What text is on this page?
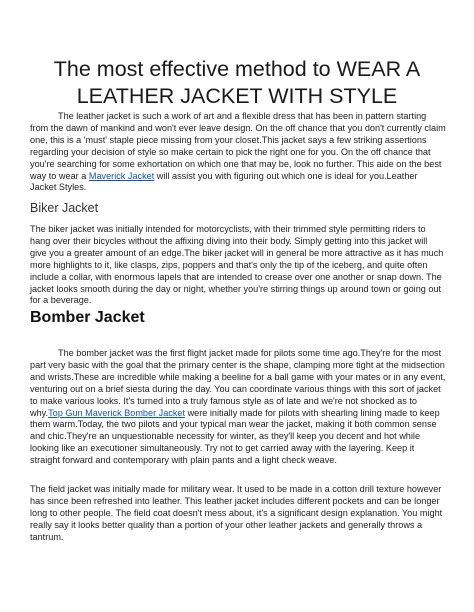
The most effective method to WEAR A
LEATHER JACKET WITH STYLE

The leather jacket is such a work of art and a flexible dress that has been in pattern starting from the dawn of mankind and won't ever leave design. On the off chance that you don't currently claim one, this is a 'must' staple piece missing from your closet.This jacket says a few striking assertions regarding your decision of style so make certain to pick the right one for you. On the off chance that you're searching for some exhortation on which one that may be, look no further. This aide on the best way to wear a Maverick Jacket will assist you with figuring out which one is ideal for you.Leather Jacket Styles.

Biker Jacket

The biker jacket was initially intended for motorcyclists, with their trimmed style permitting riders to hang over their bicycles without the affixing diving into their body. Simply getting into this jacket will give you a greater amount of an edge.The biker jacket will in general be more attractive as it has much more highlights to it, like clasps, zips, poppers and that's only the tip of the iceberg, and quite often include a collar, with enormous lapels that are intended to crease over one another or snap down. The jacket looks smooth during the day or night, whether you're stirring things up around town or going out for a beverage.

Bomber Jacket

The bomber jacket was the first flight jacket made for pilots some time ago.They're for the most part very basic with the goal that the primary center is the shape, clamping more tight at the midsection and wrists.These are incredible while making a beeline for a ball game with your mates or in any event, venturing out on a brief siesta during the day. You can coordinate various things with this sort of jacket to make various looks. It's turned into a truly famous style as of late and we're not shocked as to why.Top Gun Maverick Bomber Jacket were initially made for pilots with shearling lining made to keep them warm.Today, the two pilots and your typical man wear the jacket, making it both common sense and chic.They're an unquestionable necessity for winter, as they'll keep you decent and hot while looking like an executioner simultaneously. Try not to get carried away with the layering. Keep it straight forward and contemporary with plain pants and a light check weave.

The field jacket was initially made for military wear. It used to be made in a cotton drill texture however has since been refreshed into leather. This leather jacket includes different pockets and can be longer long to other people. The field coat doesn't mess about, it's a significant design explanation. You might really say it looks better quality than a portion of your other leather jackets and generally throws a tantrum.
